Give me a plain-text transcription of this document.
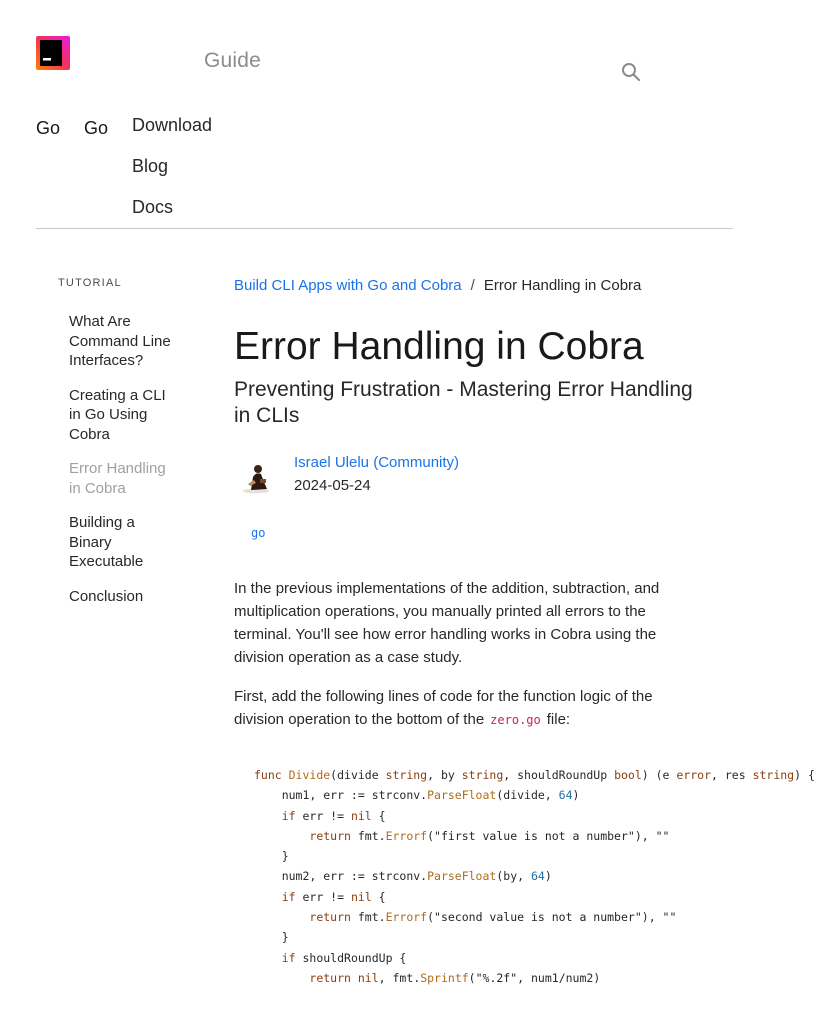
Guide
Go Go Download
Blog
Docs
TUTORIAL
What Are Command Line Interfaces?
Creating a CLI in Go Using Cobra
Error Handling in Cobra
Building a Binary Executable
Conclusion
Build CLI Apps with Go and Cobra / Error Handling in Cobra
Error Handling in Cobra
Preventing Frustration - Mastering Error Handling in CLIs
Israel Ulelu (Community)
2024-05-24
go

In the previous implementations of the addition, subtraction, and multiplication operations, you manually printed all errors to the terminal. You'll see how error handling works in Cobra using the division operation as a case study.

First, add the following lines of code for the function logic of the division operation to the bottom of the zero.go file:

func Divide(divide string, by string, shouldRoundUp bool) (e error, res string) {
num1, err := strconv.ParseFloat(divide, 64)
if err != nil {
return fmt.Errorf("first value is not a number"), ""
}
num2, err := strconv.ParseFloat(by, 64)
if err != nil {
return fmt.Errorf("second value is not a number"), ""
}
if shouldRoundUp {
return nil, fmt.Sprintf("%.2f", num1/num2)
